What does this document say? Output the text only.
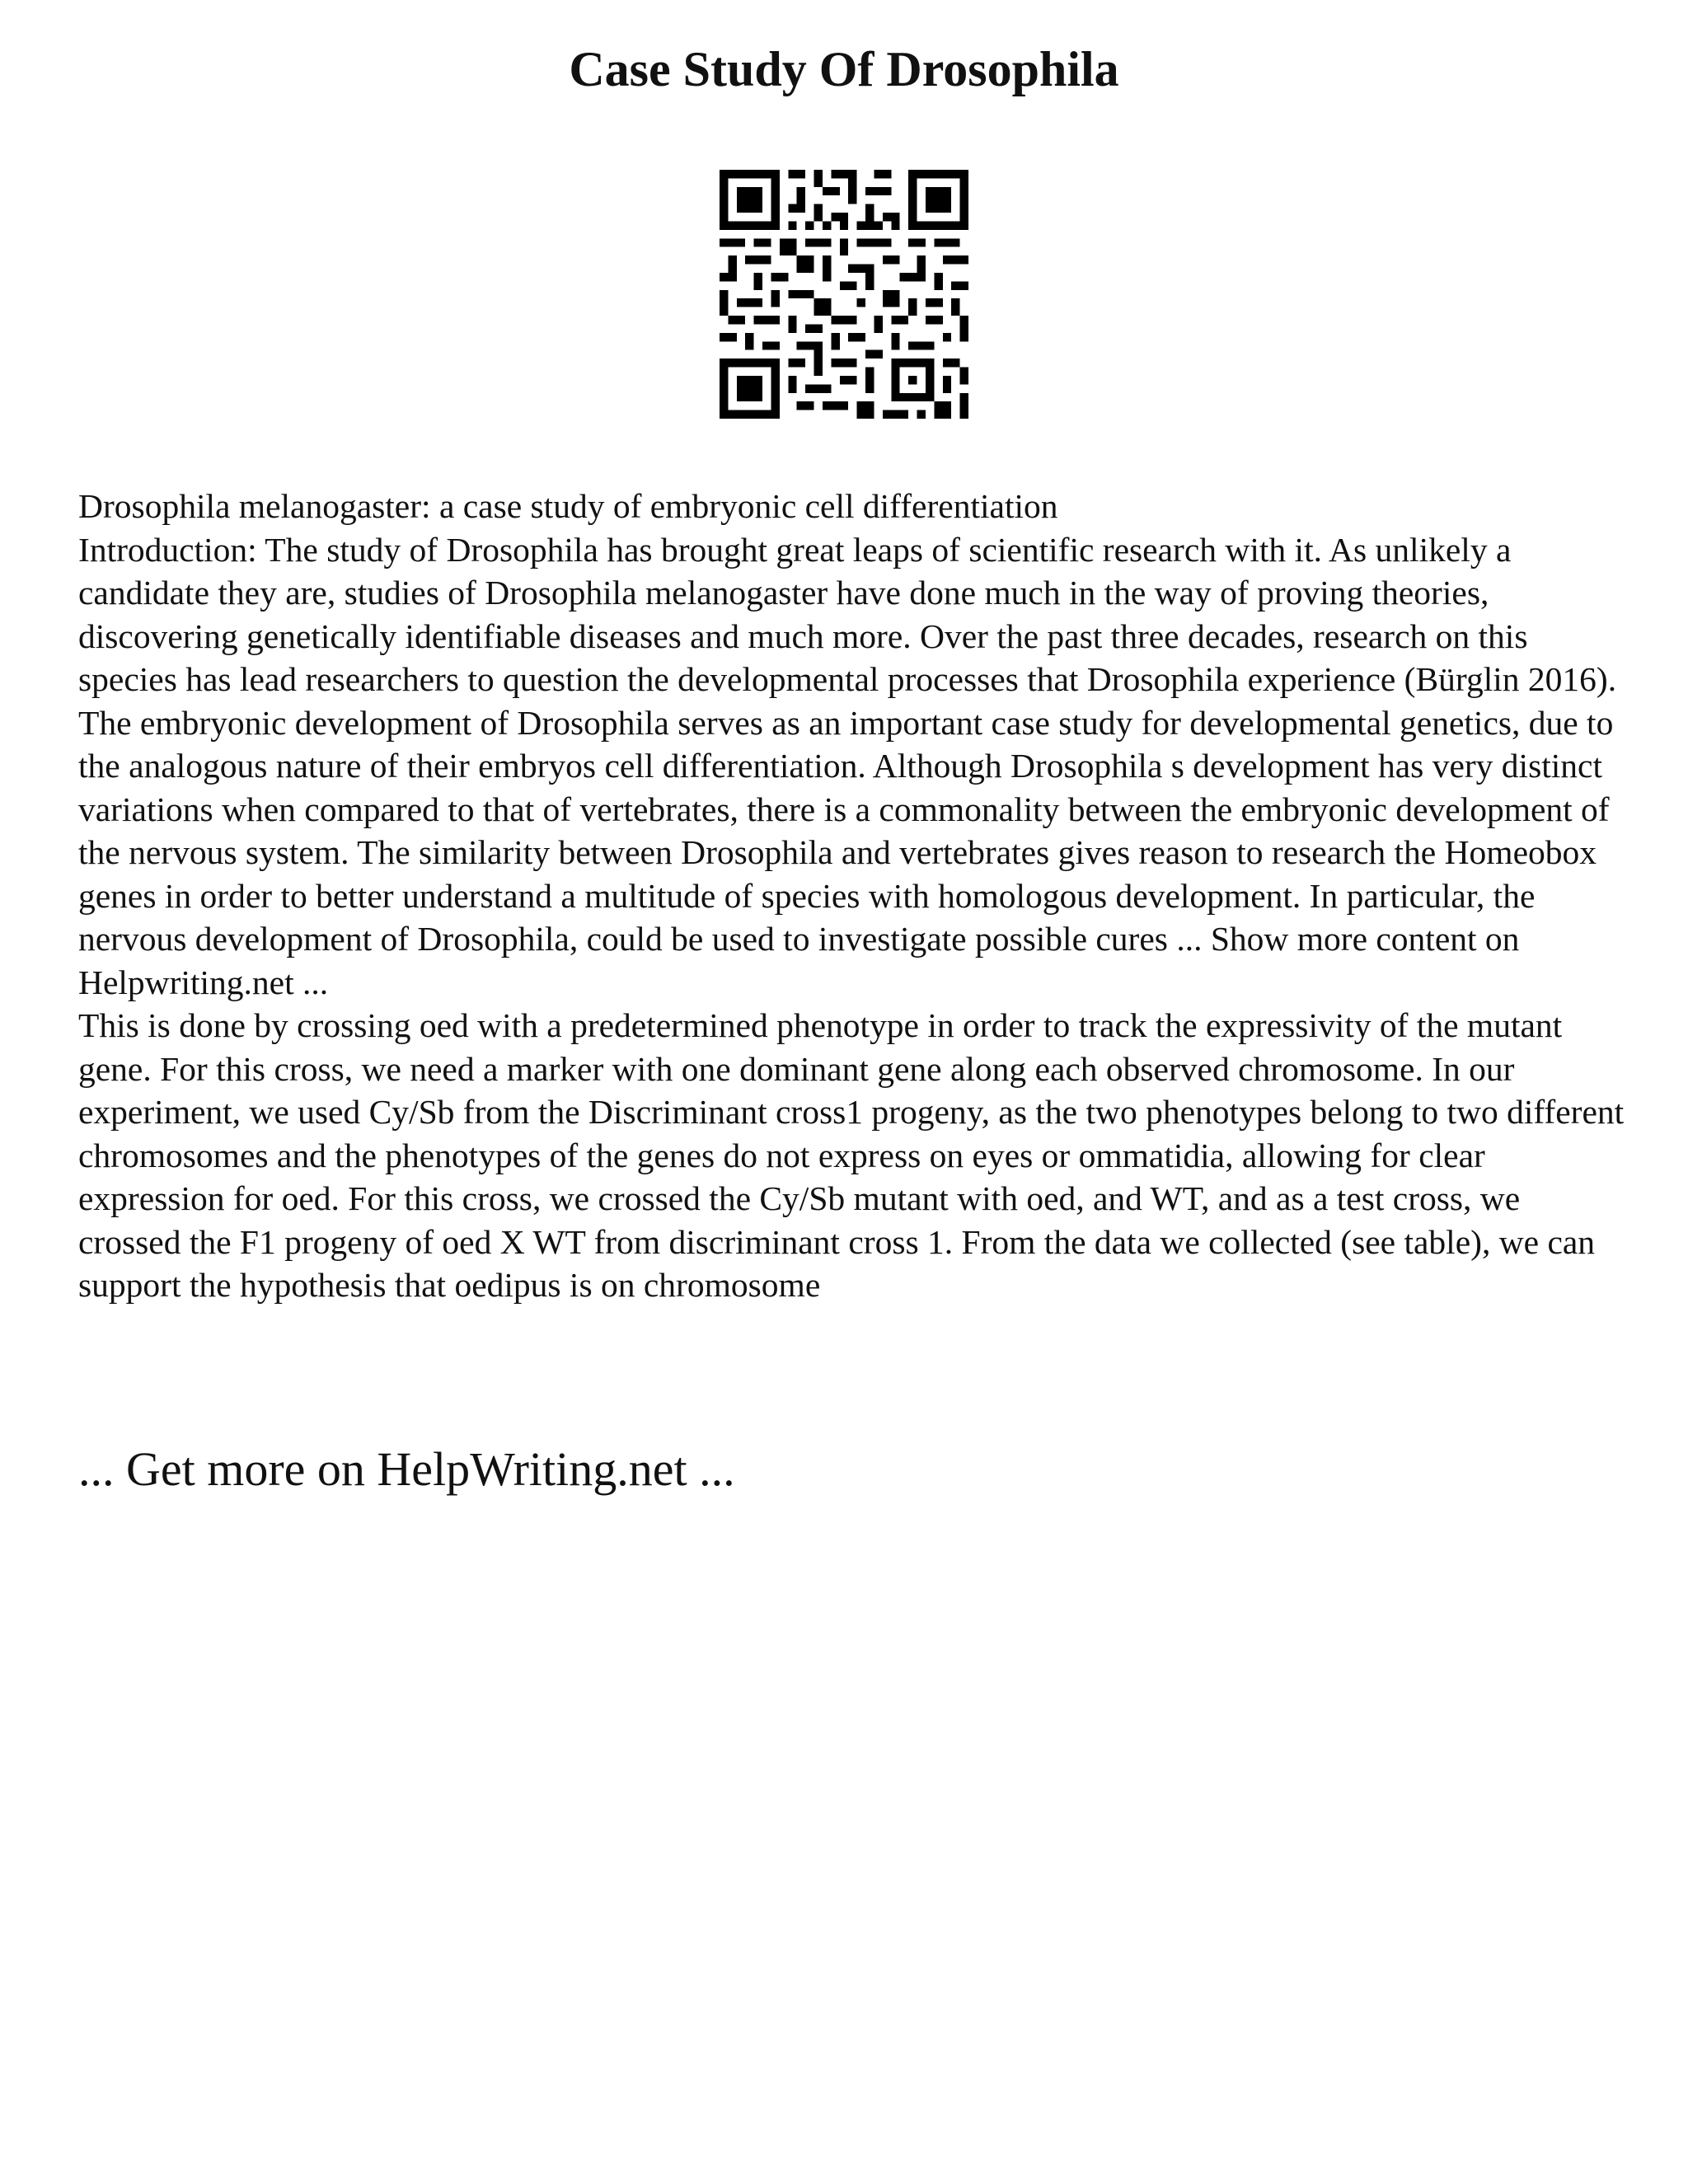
Case Study Of Drosophila

Drosophila melanogaster: a case study of embryonic cell differentiation

Introduction: The study of Drosophila has brought great leaps of scientific research with it. As unlikely a candidate they are, studies of Drosophila melanogaster have done much in the way of proving theories, discovering genetically identifiable diseases and much more. Over the past three decades, research on this species has lead researchers to question the developmental processes that Drosophila experience (Bürglin 2016). The embryonic development of Drosophila serves as an important case study for developmental genetics, due to the analogous nature of their embryos cell differentiation. Although Drosophila s development has very distinct variations when compared to that of vertebrates, there is a commonality between the embryonic development of the nervous system. The similarity between Drosophila and vertebrates gives reason to research the Homeobox genes in order to better understand a multitude of species with homologous development. In particular, the nervous development of Drosophila, could be used to investigate possible cures ... Show more content on Helpwriting.net ...

This is done by crossing oed with a predetermined phenotype in order to track the expressivity of the mutant gene. For this cross, we need a marker with one dominant gene along each observed chromosome. In our experiment, we used Cy/Sb from the Discriminant cross1 progeny, as the two phenotypes belong to two different chromosomes and the phenotypes of the genes do not express on eyes or ommatidia, allowing for clear expression for oed. For this cross, we crossed the Cy/Sb mutant with oed, and WT, and as a test cross, we crossed the F1 progeny of oed X WT from discriminant cross 1. From the data we collected (see table), we can support the hypothesis that oedipus is on chromosome

... Get more on HelpWriting.net ...
